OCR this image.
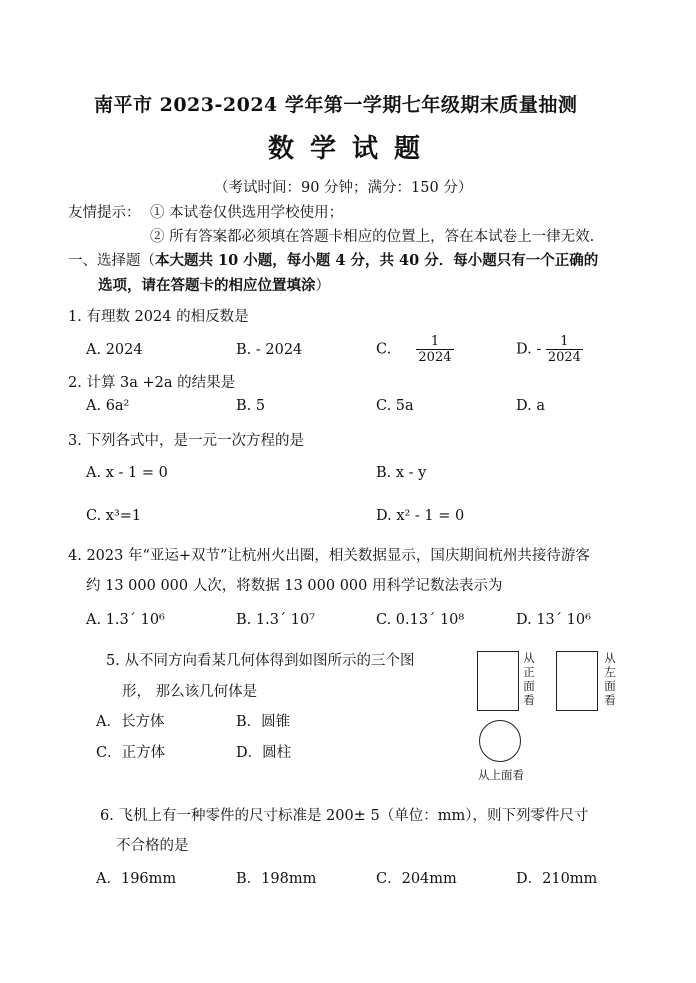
南平市 2023-2024 学年第一学期七年级期末质量抽测
数学试题
（考试时间：90 分钟；满分：150 分）
友情提示： ① 本试卷仅供选用学校使用；
② 所有答案都必须填在答题卡相应的位置上，答在本试卷上一律无效.
一、选择题（本大题共 10 小题，每小题 4 分，共 40 分．每小题只有一个正确的
选项，请在答题卡的相应位置填涂）
1. 有理数 2024 的相反数是
A. 2024	B. - 2024	C. $\frac{1}{2024}$	D. - $\frac{1}{2024}$
2. 计算 3a +2a 的结果是
A. 6a²	B. 5	C. 5a	D. a
3. 下列各式中，是一元一次方程的是
A. x - 1 = 0	B. x - y
C. x³=1	D. x² - 1 = 0
4. 2023 年“亚运+双节”让杭州火出圈，相关数据显示，国庆期间杭州共接待游客
约 13 000 000 人次，将数据 13 000 000 用科学记数法表示为
A. 1.3´ 10⁶	B. 1.3´ 10⁷	C. 0.13´ 10⁸	D. 13´ 10⁶
5. 从不同方向看某几何体得到如图所示的三个图
形， 那么该几何体是
A．长方体	B．圆锥
C．正方体	D．圆柱
从正面看
从左面看
从上面看
6. 飞机上有一种零件的尺寸标准是 200± 5（单位：mm），则下列零件尺寸
不合格的是
A．196mm	B．198mm	C．204mm	D．210mm
